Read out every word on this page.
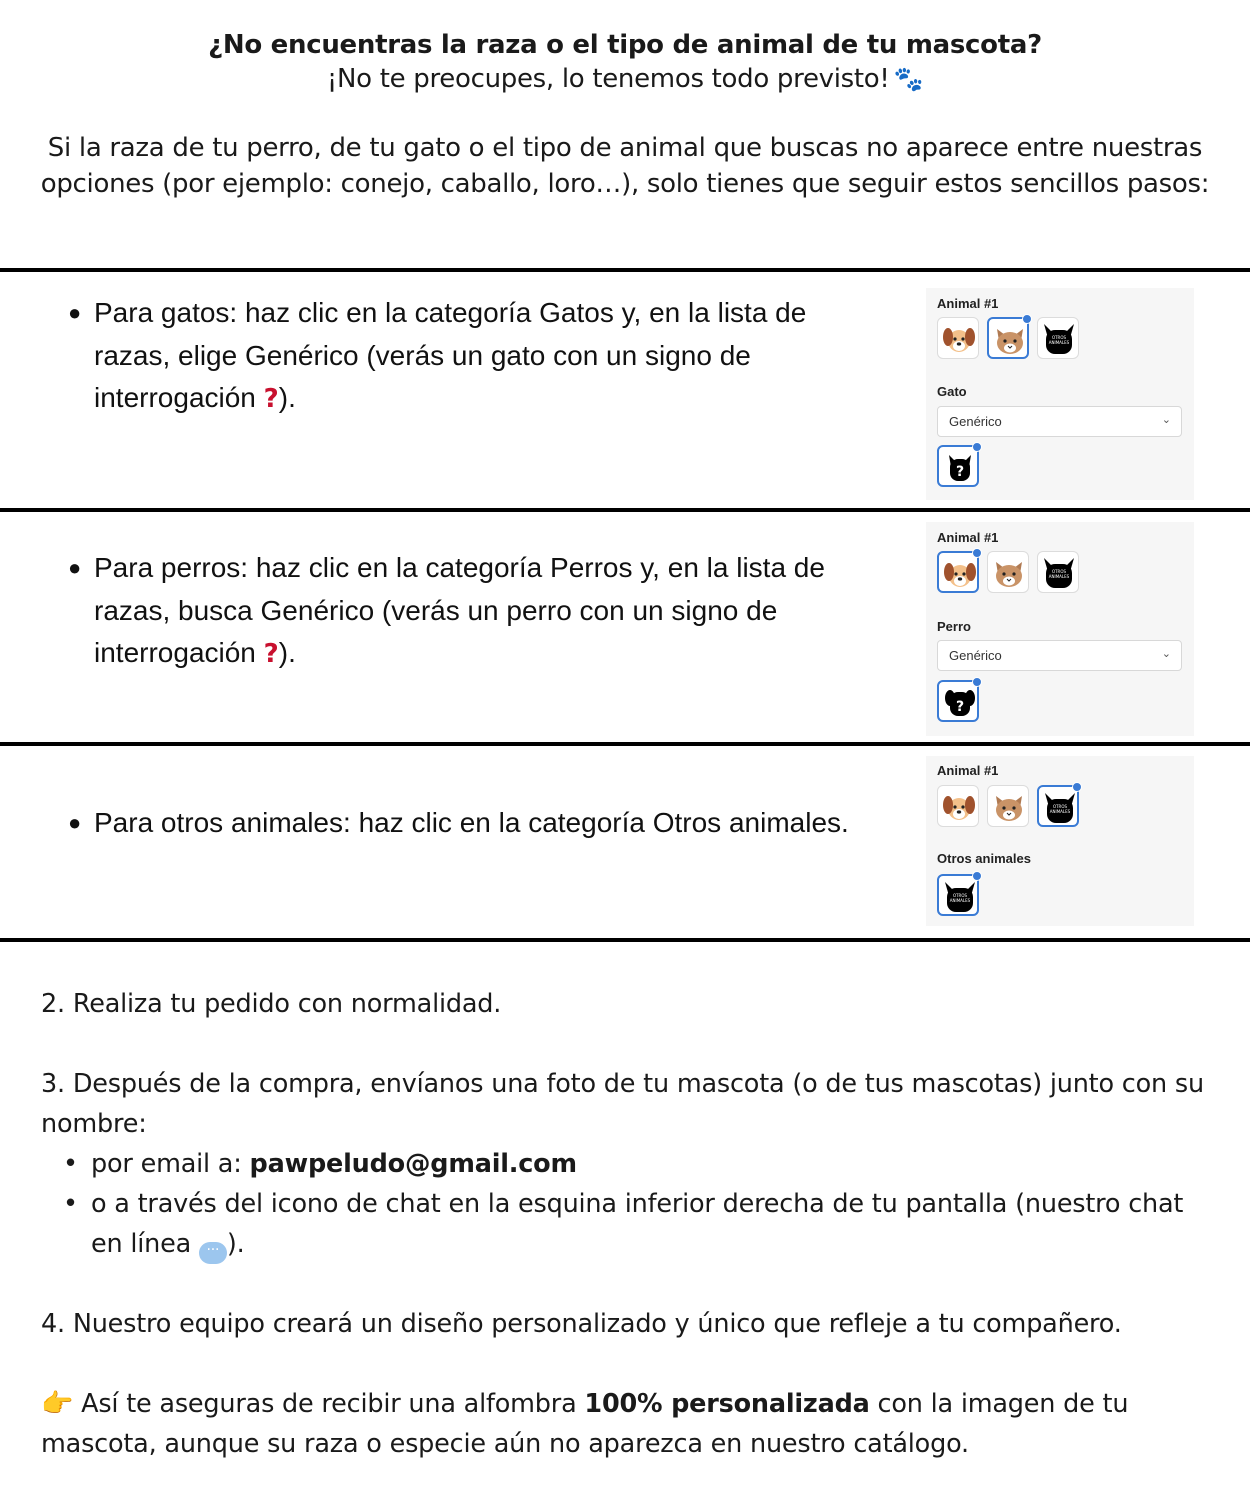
¿No encuentras la raza o el tipo de animal de tu mascota?
¡No te preocupes, lo tenemos todo previsto! 🐾
Si la raza de tu perro, de tu gato o el tipo de animal que buscas no aparece entre nuestras opciones (por ejemplo: conejo, caballo, loro…), solo tienes que seguir estos sencillos pasos:
● Para gatos: haz clic en la categoría Gatos y, en la lista de razas, elige Genérico (verás un gato con un signo de interrogación ?).
Animal #1
OTROS
ANIMALES
Gato
Genérico	⌄
?
● Para perros: haz clic en la categoría Perros y, en la lista de razas, busca Genérico (verás un perro con un signo de interrogación ?).
Animal #1
OTROS
ANIMALES
Perro
Genérico	⌄
?
● Para otros animales: haz clic en la categoría Otros animales.
Animal #1
OTROS
ANIMALES
Otros animales
OTROS
ANIMALES
2. Realiza tu pedido con normalidad.
3. Después de la compra, envíanos una foto de tu mascota (o de tus mascotas) junto con su nombre:
• por email a: pawpeludo@gmail.com
• o a través del icono de chat en la esquina inferior derecha de tu pantalla (nuestro chat en línea ··· ).
4. Nuestro equipo creará un diseño personalizado y único que refleje a tu compañero.
👉 Así te aseguras de recibir una alfombra 100% personalizada con la imagen de tu mascota, aunque su raza o especie aún no aparezca en nuestro catálogo.
